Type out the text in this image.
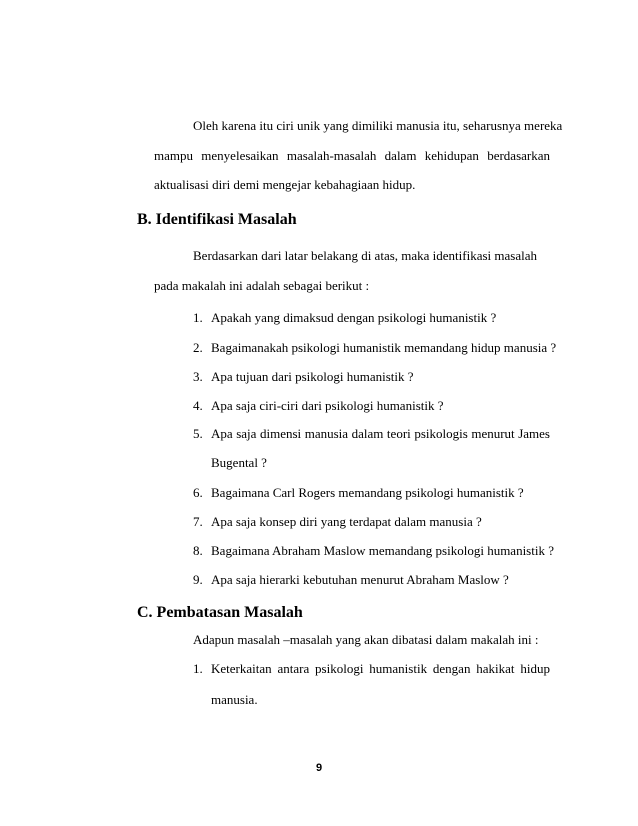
Oleh karena itu ciri unik yang dimiliki manusia itu, seharusnya mereka
mampu menyelesaikan masalah-masalah dalam kehidupan berdasarkan
aktualisasi diri demi mengejar kebahagiaan hidup.
B. Identifikasi Masalah
Berdasarkan dari latar belakang di atas, maka identifikasi masalah
pada makalah ini adalah sebagai berikut :
1. Apakah yang dimaksud dengan psikologi humanistik ?
2. Bagaimanakah psikologi humanistik memandang hidup manusia ?
3. Apa tujuan dari psikologi humanistik ?
4. Apa saja ciri-ciri dari psikologi humanistik ?
5. Apa saja dimensi manusia dalam teori psikologis menurut James
Bugental ?
6. Bagaimana Carl Rogers memandang psikologi humanistik ?
7. Apa saja konsep diri yang terdapat dalam manusia ?
8. Bagaimana Abraham Maslow memandang psikologi humanistik ?
9. Apa saja hierarki kebutuhan menurut Abraham Maslow ?
C. Pembatasan Masalah
Adapun masalah –masalah yang akan dibatasi dalam makalah ini :
1. Keterkaitan antara psikologi humanistik dengan hakikat hidup
manusia.
9
